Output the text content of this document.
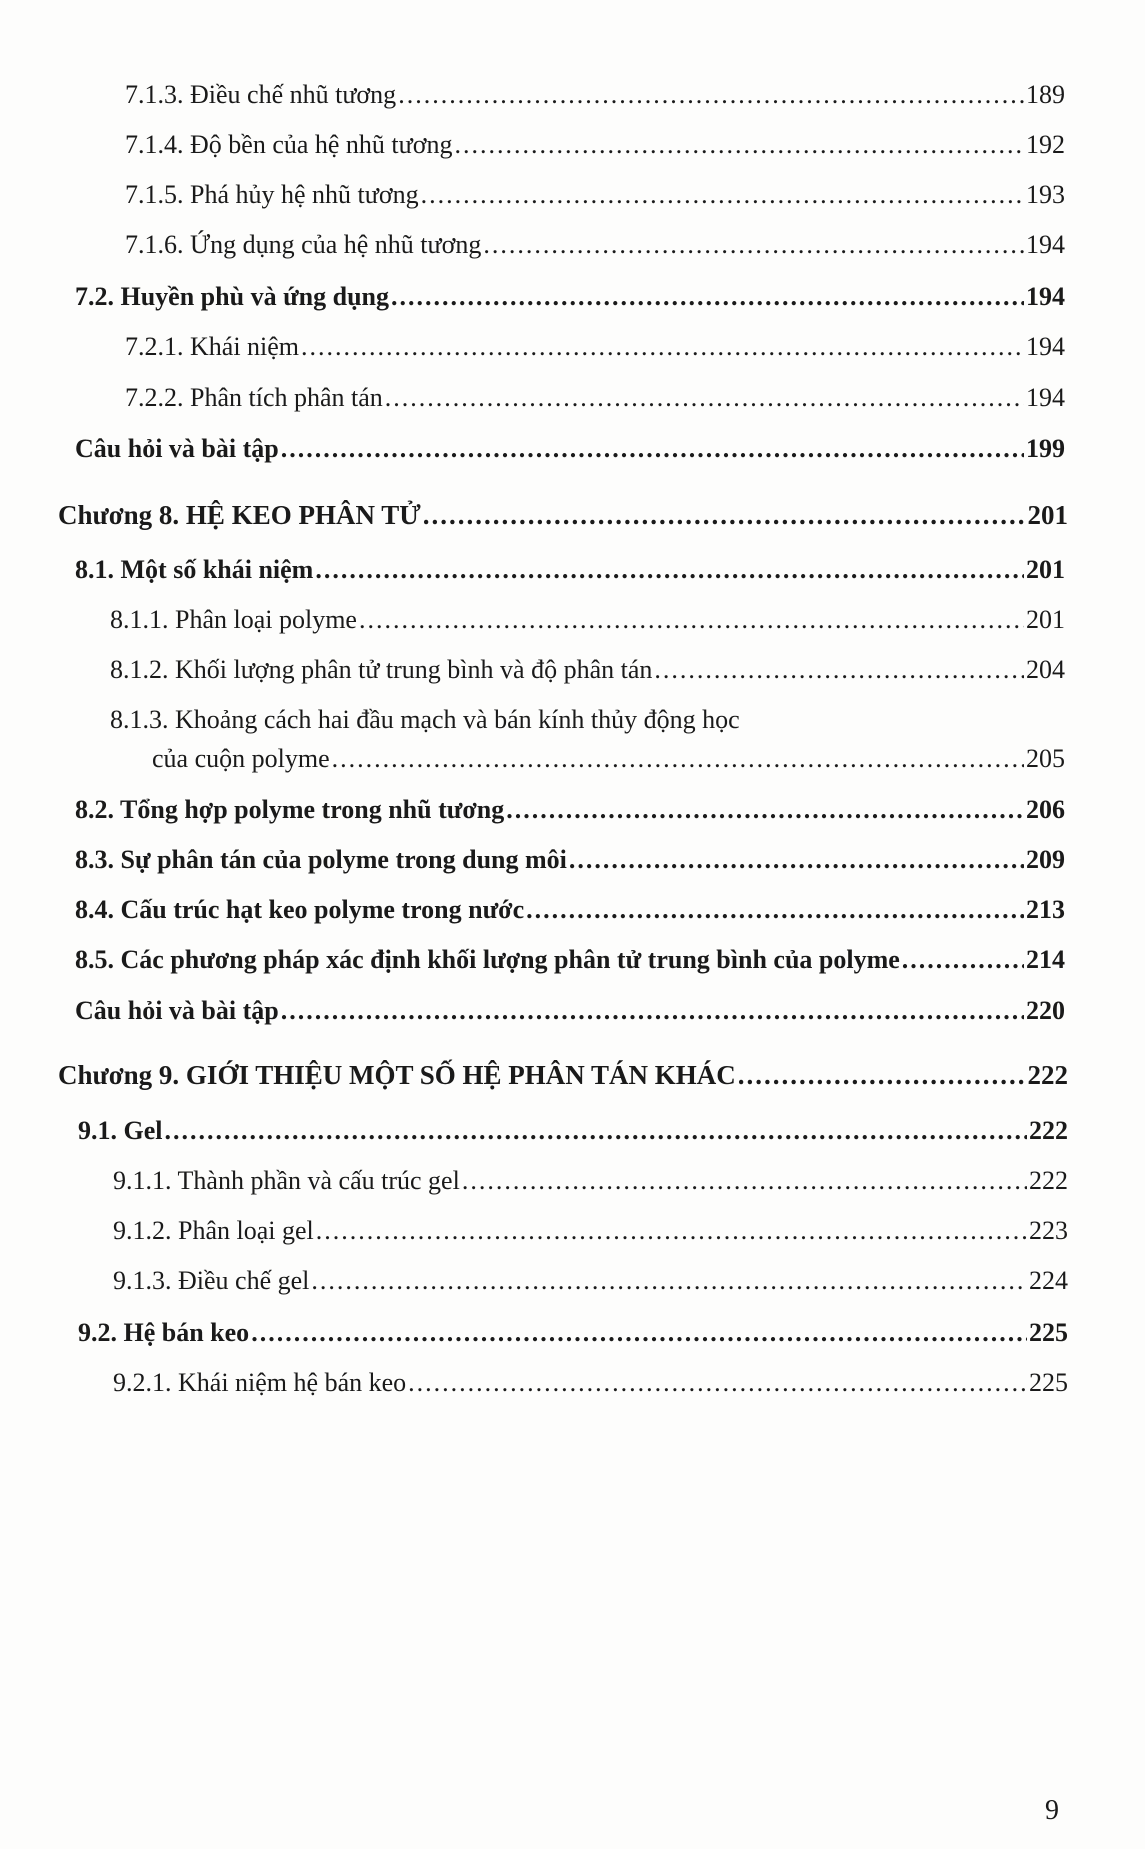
7.1.3. Điều chế nhũ tương .....	189
7.1.4. Độ bền của hệ nhũ tương .....	192
7.1.5. Phá hủy hệ nhũ tương .....	193
7.1.6. Ứng dụng của hệ nhũ tương .....	194
7.2. Huyền phù và ứng dụng .....	194
7.2.1. Khái niệm .....	194
7.2.2. Phân tích phân tán .....	194
Câu hỏi và bài tập .....	199
Chương 8. HỆ KEO PHÂN TỬ .....	201
8.1. Một số khái niệm .....	201
8.1.1. Phân loại polyme .....	201
8.1.2. Khối lượng phân tử trung bình và độ phân tán .....	204
8.1.3. Khoảng cách hai đầu mạch và bán kính thủy động học
của cuộn polyme .....	205
8.2. Tổng hợp polyme trong nhũ tương .....	206
8.3. Sự phân tán của polyme trong dung môi .....	209
8.4. Cấu trúc hạt keo polyme trong nước .....	213
8.5. Các phương pháp xác định khối lượng phân tử trung bình của polyme .....	214
Câu hỏi và bài tập .....	220
Chương 9. GIỚI THIỆU MỘT SỐ HỆ PHÂN TÁN KHÁC .....	222
9.1. Gel .....	222
9.1.1. Thành phần và cấu trúc gel .....	222
9.1.2. Phân loại gel .....	223
9.1.3. Điều chế gel .....	224
9.2. Hệ bán keo .....	225
9.2.1. Khái niệm hệ bán keo .....	225
9
